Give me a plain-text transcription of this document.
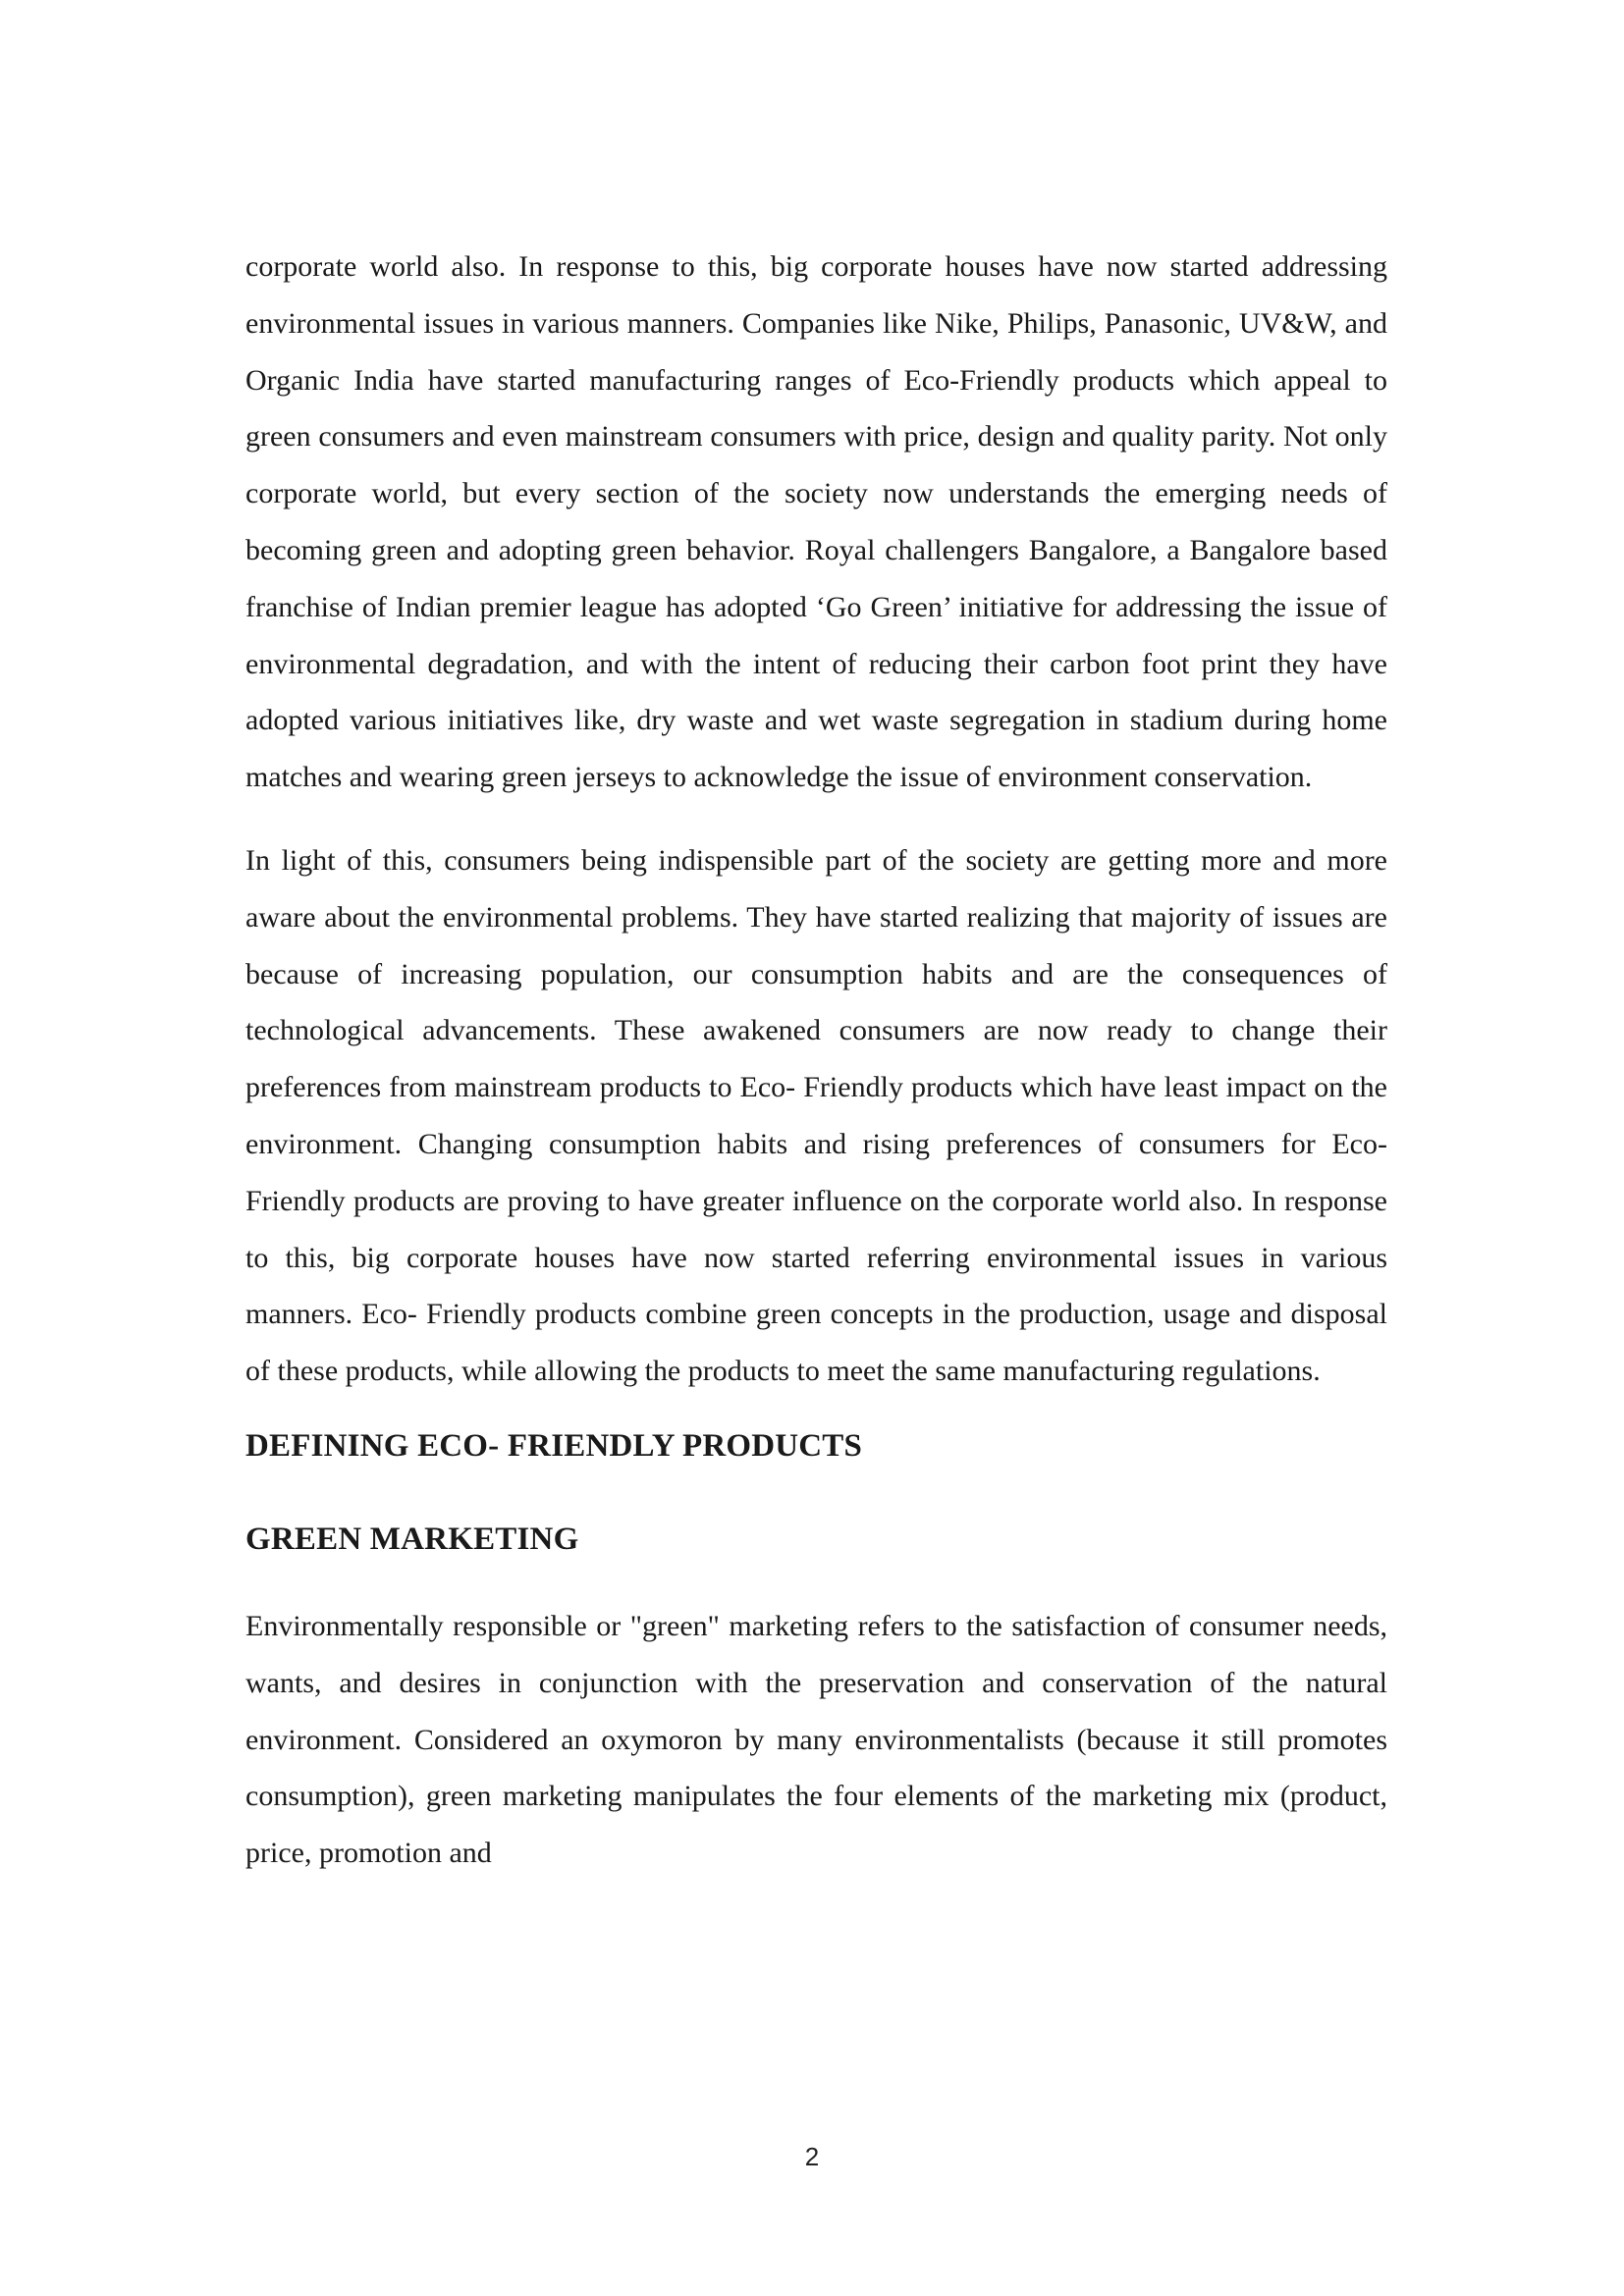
corporate world also. In response to this, big corporate houses have now started addressing environmental issues in various manners. Companies like Nike, Philips, Panasonic, UV&W, and Organic India have started manufacturing ranges of Eco-Friendly products which appeal to green consumers and even mainstream consumers with price, design and quality parity. Not only corporate world, but every section of the society now understands the emerging needs of becoming green and adopting green behavior. Royal challengers Bangalore, a Bangalore based franchise of Indian premier league has adopted ‘Go Green’ initiative for addressing the issue of environmental degradation, and with the intent of reducing their carbon foot print they have adopted various initiatives like, dry waste and wet waste segregation in stadium during home matches and wearing green jerseys to acknowledge the issue of environment conservation.

In light of this, consumers being indispensible part of the society are getting more and more aware about the environmental problems. They have started realizing that majority of issues are because of increasing population, our consumption habits and are the consequences of technological advancements. These awakened consumers are now ready to change their preferences from mainstream products to Eco- Friendly products which have least impact on the environment. Changing consumption habits and rising preferences of consumers for Eco- Friendly products are proving to have greater influence on the corporate world also. In response to this, big corporate houses have now started referring environmental issues in various manners. Eco- Friendly products combine green concepts in the production, usage and disposal of these products, while allowing the products to meet the same manufacturing regulations.

DEFINING ECO- FRIENDLY PRODUCTS
GREEN MARKETING

Environmentally responsible or "green" marketing refers to the satisfaction of consumer needs, wants, and desires in conjunction with the preservation and conservation of the natural environment. Considered an oxymoron by many environmentalists (because it still promotes consumption), green marketing manipulates the four elements of the marketing mix (product, price, promotion and

2
